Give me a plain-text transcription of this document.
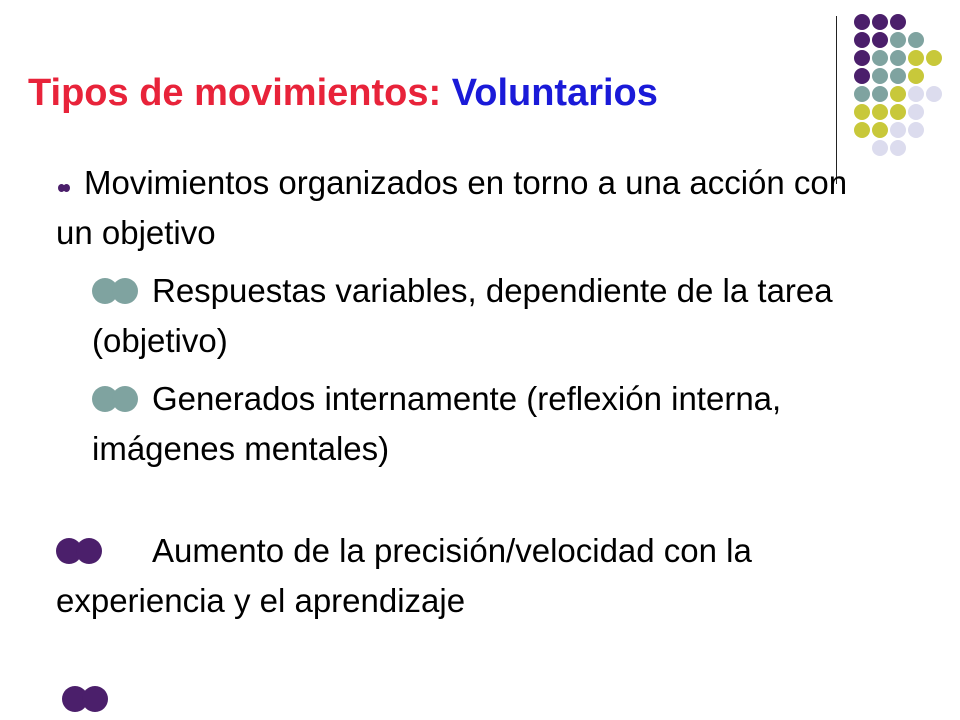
Tipos de movimientos: Voluntarios
Movimientos organizados en torno a una acción con un objetivo
Respuestas variables, dependiente de la tarea (objetivo)
Generados internamente (reflexión interna, imágenes mentales)
Aumento de la precisión/velocidad con la experiencia y el aprendizaje
